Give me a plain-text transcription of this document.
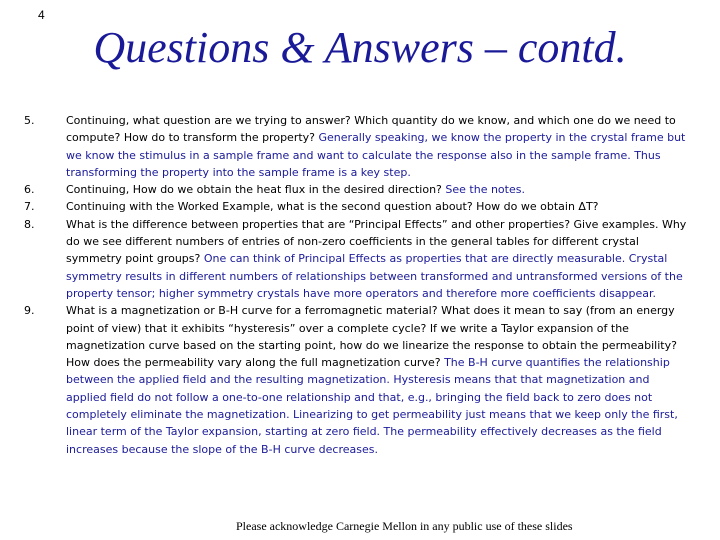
4
Questions & Answers – contd.
5.	Continuing, what question are we trying to answer? Which quantity do we know, and which one do we need to compute? How do to transform the property? Generally speaking, we know the property in the crystal frame but we know the stimulus in a sample frame and want to calculate the response also in the sample frame. Thus transforming the property into the sample frame is a key step.
6.	Continuing, How do we obtain the heat flux in the desired direction? See the notes.
7.	Continuing with the Worked Example, what is the second question about? How do we obtain ΔT?
8.	What is the difference between properties that are “Principal Effects” and other properties? Give examples. Why do we see different numbers of entries of non-zero coefficients in the general tables for different crystal symmetry point groups? One can think of Principal Effects as properties that are directly measurable. Crystal symmetry results in different numbers of relationships between transformed and untransformed versions of the property tensor; higher symmetry crystals have more operators and therefore more coefficients disappear.
9.	What is a magnetization or B-H curve for a ferromagnetic material? What does it mean to say (from an energy point of view) that it exhibits “hysteresis” over a complete cycle? If we write a Taylor expansion of the magnetization curve based on the starting point, how do we linearize the response to obtain the permeability? How does the permeability vary along the full magnetization curve? The B-H curve quantifies the relationship between the applied field and the resulting magnetization. Hysteresis means that that magnetization and applied field do not follow a one-to-one relationship and that, e.g., bringing the field back to zero does not completely eliminate the magnetization. Linearizing to get permeability just means that we keep only the first, linear term of the Taylor expansion, starting at zero field. The permeability effectively decreases as the field increases because the slope of the B-H curve decreases.
Please acknowledge Carnegie Mellon in any public use of these slides
